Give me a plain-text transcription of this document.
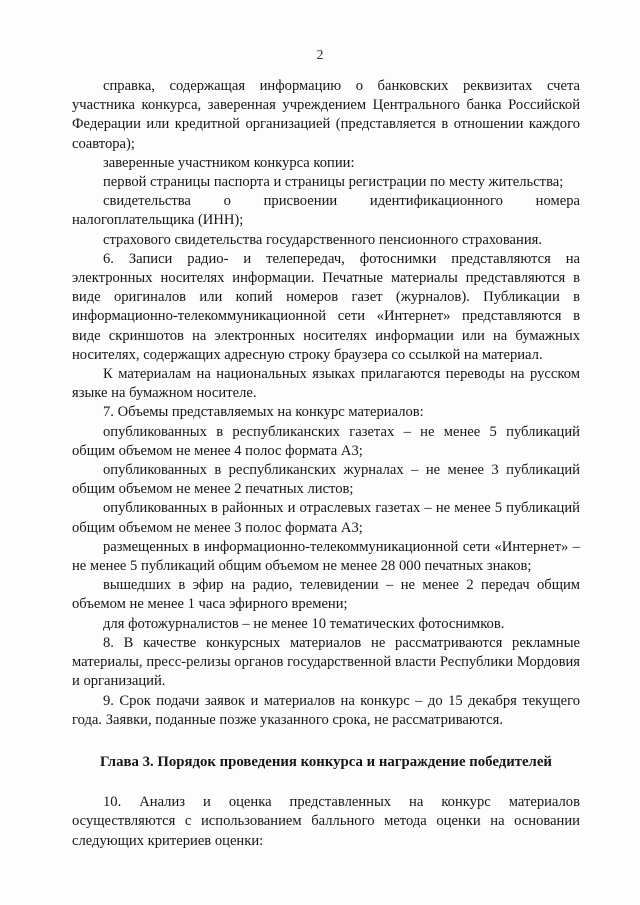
2

справка, содержащая информацию о банковских реквизитах счета участника конкурса, заверенная учреждением Центрального банка Российской Федерации или кредитной организацией (представляется в отношении каждого соавтора);

заверенные участником конкурса копии:

первой страницы паспорта и страницы регистрации по месту жительства;

свидетельства о присвоении идентификационного номера налогоплательщика (ИНН);

страхового свидетельства государственного пенсионного страхования.

6. Записи радио- и телепередач, фотоснимки представляются на электронных носителях информации. Печатные материалы представляются в виде оригиналов или копий номеров газет (журналов). Публикации в информационно-телекоммуникационной сети «Интернет» представляются в виде скриншотов на электронных носителях информации или на бумажных носителях, содержащих адресную строку браузера со ссылкой на материал.

К материалам на национальных языках прилагаются переводы на русском языке на бумажном носителе.

7. Объемы представляемых на конкурс материалов:

опубликованных в республиканских газетах – не менее 5 публикаций общим объемом не менее 4 полос формата А3;

опубликованных в республиканских журналах – не менее 3 публикаций общим объемом не менее 2 печатных листов;

опубликованных в районных и отраслевых газетах – не менее 5 публикаций общим объемом не менее 3 полос формата А3;

размещенных в информационно-телекоммуникационной сети «Интернет» – не менее 5 публикаций общим объемом не менее 28 000 печатных знаков;

вышедших в эфир на радио, телевидении – не менее 2 передач общим объемом не менее 1 часа эфирного времени;

для фотожурналистов – не менее 10 тематических фотоснимков.

8. В качестве конкурсных материалов не рассматриваются рекламные материалы, пресс-релизы органов государственной власти Республики Мордовия и организаций.

9. Срок подачи заявок и материалов на конкурс – до 15 декабря текущего года. Заявки, поданные позже указанного срока, не рассматриваются.

Глава 3. Порядок проведения конкурса и награждение победителей

10. Анализ и оценка представленных на конкурс материалов осуществляются с использованием балльного метода оценки на основании следующих критериев оценки:
